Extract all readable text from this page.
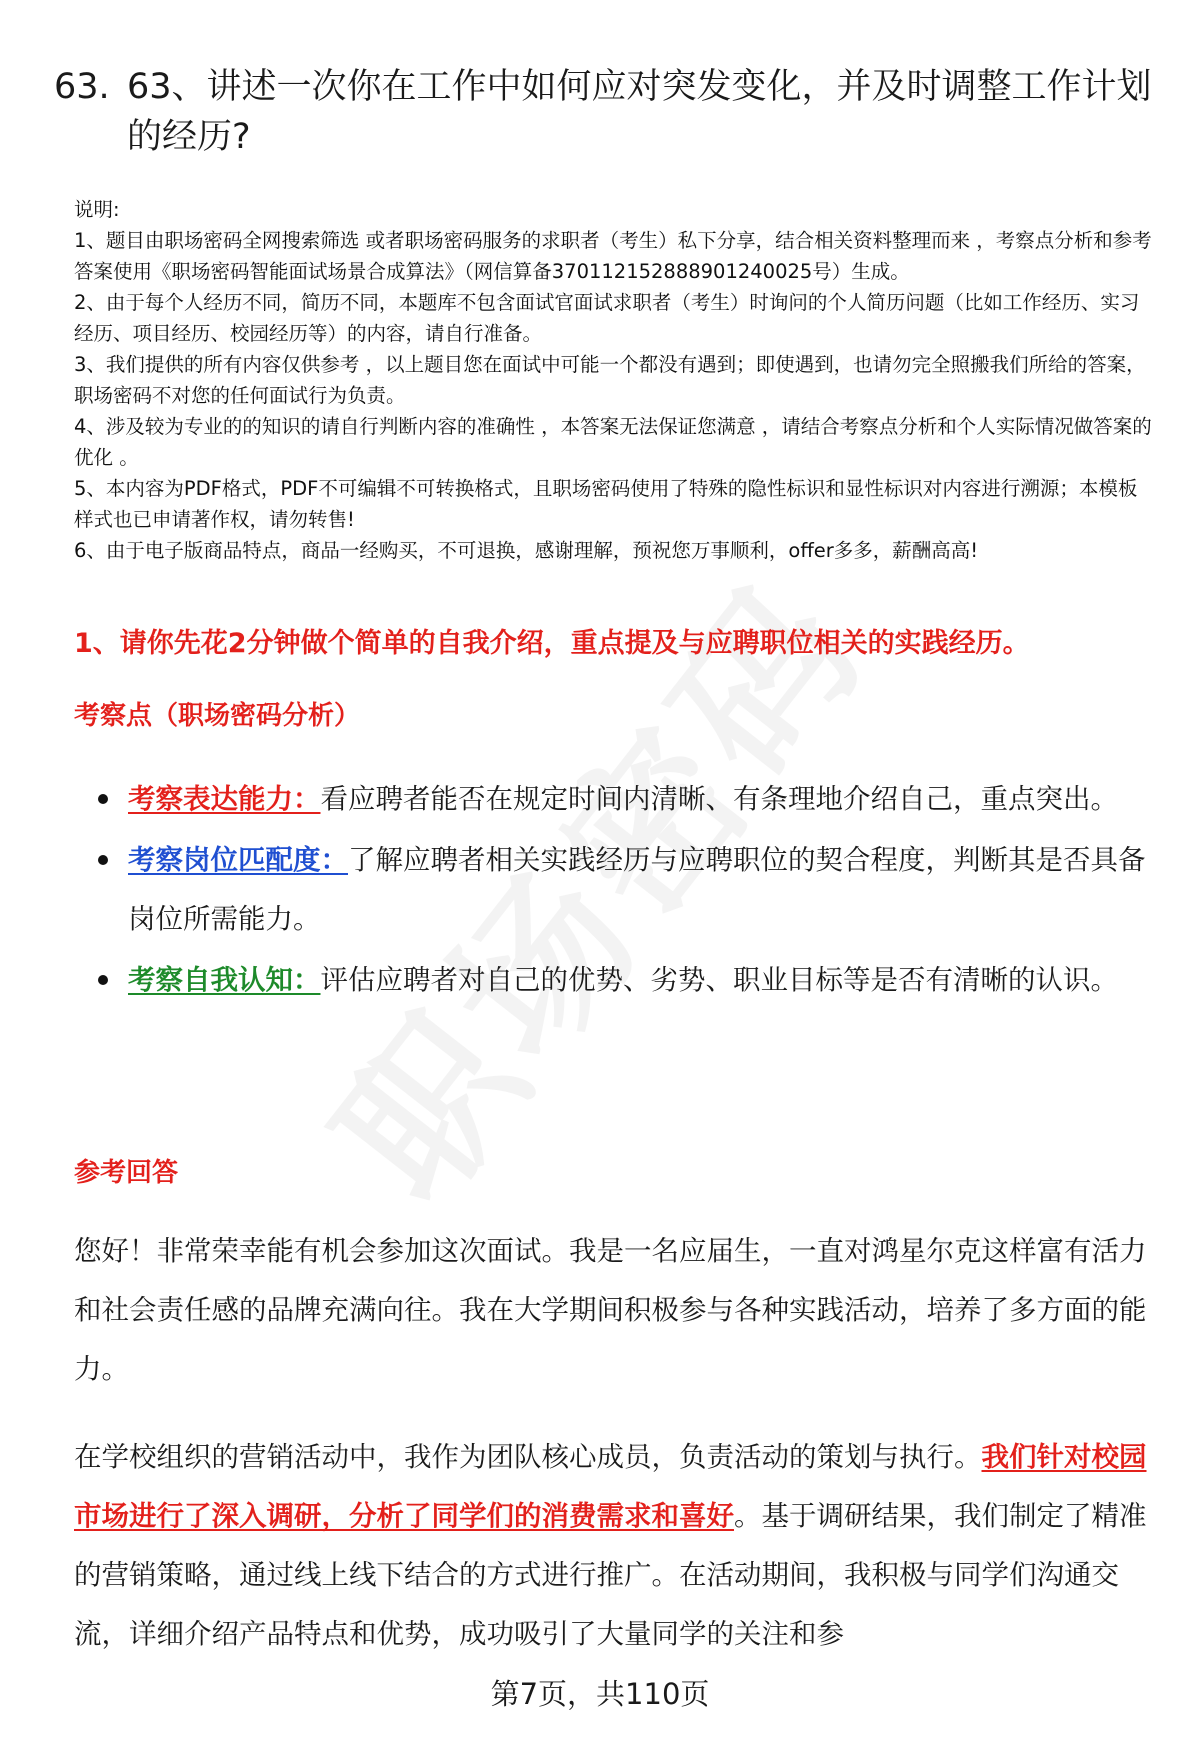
63. 63、讲述一次你在工作中如何应对突发变化，并及时调整工作计划的经历?

说明:

1、题目由职场密码全网搜索筛选 或者职场密码服务的求职者（考生）私下分享，结合相关资料整理而来 ，考察点分析和参考答案使用《职场密码智能面试场景合成算法》（网信算备370112152888901240025号）生成。

2、由于每个人经历不同，简历不同，本题库不包含面试官面试求职者（考生）时询问的个人简历问题（比如工作经历、实习经历、项目经历、校园经历等）的内容，请自行准备。

3、我们提供的所有内容仅供参考 ，以上题目您在面试中可能一个都没有遇到；即使遇到，也请勿完全照搬我们所给的答案，职场密码不对您的任何面试行为负责。

4、涉及较为专业的的知识的请自行判断内容的准确性 ，本答案无法保证您满意 ，请结合考察点分析和个人实际情况做答案的优化 。

5、本内容为PDF格式，PDF不可编辑不可转换格式，且职场密码使用了特殊的隐性标识和显性标识对内容进行溯源；本模板样式也已申请著作权，请勿转售!

6、由于电子版商品特点，商品一经购买，不可退换，感谢理解，预祝您万事顺利，offer多多，薪酬高高!

1、请你先花2分钟做个简单的自我介绍，重点提及与应聘职位相关的实践经历。
考察点（职场密码分析）
考察表达能力：看应聘者能否在规定时间内清晰、有条理地介绍自己，重点突出。
考察岗位匹配度：了解应聘者相关实践经历与应聘职位的契合程度，判断其是否具备岗位所需能力。
考察自我认知：评估应聘者对自己的优势、劣势、职业目标等是否有清晰的认识。
参考回答

您好！非常荣幸能有机会参加这次面试。我是一名应届生，一直对鸿星尔克这样富有活力和社会责任感的品牌充满向往。我在大学期间积极参与各种实践活动，培养了多方面的能力。

在学校组织的营销活动中，我作为团队核心成员，负责活动的策划与执行。我们针对校园市场进行了深入调研，分析了同学们的消费需求和喜好。基于调研结果，我们制定了精准的营销策略，通过线上线下结合的方式进行推广。在活动期间，我积极与同学们沟通交流，详细介绍产品特点和优势，成功吸引了大量同学的关注和参

第7页，共110页
